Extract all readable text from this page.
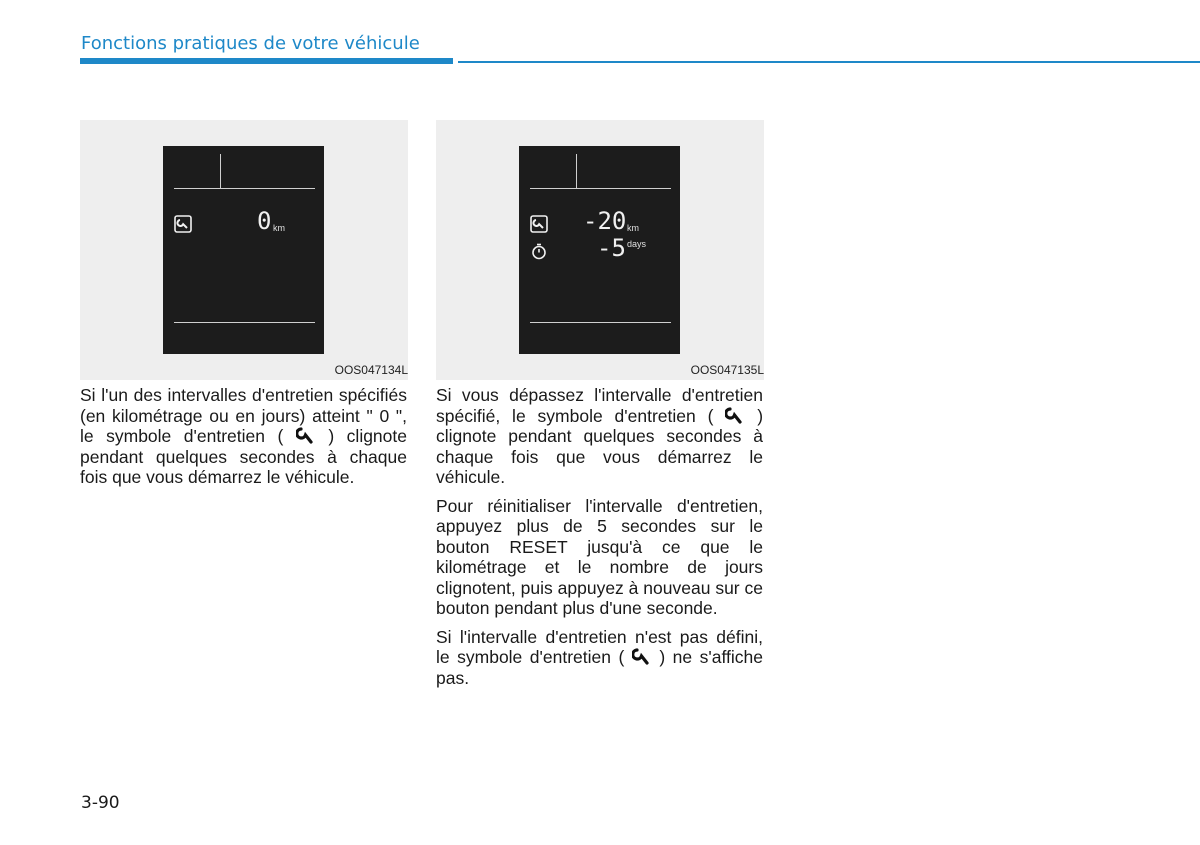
Fonctions pratiques de votre véhicule
0 km
OOS047134L
-20 km
-5 days
OOS047135L

Si l'un des intervalles d'entretien spécifiés (en kilométrage ou en jours) atteint " 0 ", le symbole d'entretien (	) clignote pendant quelques secondes à chaque fois que vous démarrez le véhicule.

Si vous dépassez l'intervalle d'entretien spécifié, le symbole d'entretien (	) clignote pendant quelques secondes à chaque fois que vous démarrez le véhicule.

Pour réinitialiser l'intervalle d'entretien, appuyez plus de 5 secondes sur le bouton RESET jusqu'à ce que le kilométrage et le nombre de jours clignotent, puis appuyez à nouveau sur ce bouton pendant plus d'une seconde.

Si l'intervalle d'entretien n'est pas défini, le symbole d'entretien ( ) ne s'affiche pas.

3-90
